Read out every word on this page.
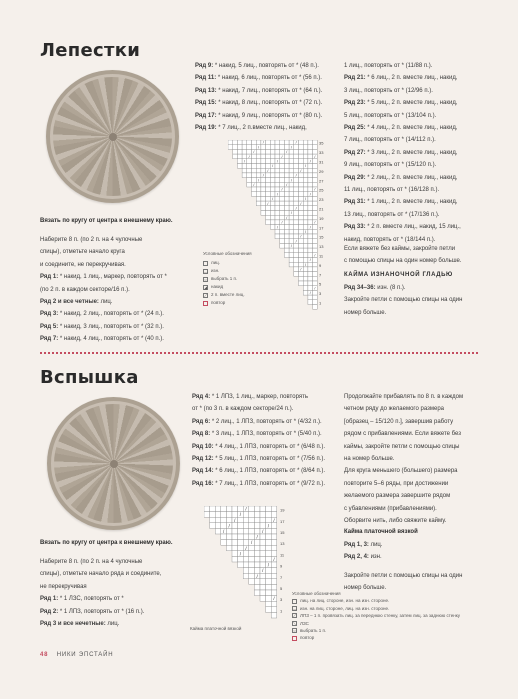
Лепестки
Вязать по кругу от центра к внешнему краю.
Наберите 8 п. (по 2 п. на 4 чулочные
спицы), отметьте начало круга
и соедините, не перекручивая.
Ряд 1: * накид, 1 лиц., маркер, повторять от *
(по 2 п. в каждом секторе/16 п.).
Ряд 2 и все четные: лиц.
Ряд 3: * накид, 2 лиц., повторять от * (24 п.).
Ряд 5: * накид, 3 лиц., повторять от * (32 п.).
Ряд 7: * накид, 4 лиц., повторять от * (40 п.).
Ряд 9: * накид, 5 лиц., повторять от * (48 п.).
Ряд 11: * накид, 6 лиц., повторять от * (56 п.).
Ряд 13: * накид, 7 лиц., повторять от * (64 п.).
Ряд 15: * накид, 8 лиц., повторять от * (72 п.).
Ряд 17: * накид, 9 лиц., повторять от * (80 п.).
Ряд 19: * 7 лиц., 2 п.вместе лиц., накид,
1 лиц., повторять от * (11/88 п.).
Ряд 21: * 6 лиц., 2 п. вместе лиц., накид,
3 лиц., повторять от * (12/96 п.).
Ряд 23: * 5 лиц., 2 п. вместе лиц., накид,
5 лиц., повторять от * (13/104 п.).
Ряд 25: * 4 лиц., 2 п. вместе лиц., накид,
7 лиц., повторять от * (14/112 п.).
Ряд 27: * 3 лиц., 2 п. вместе лиц., накид,
9 лиц., повторять от * (15/120 п.).
Ряд 29: * 2 лиц., 2 п. вместе лиц., накид,
11 лиц., повторять от * (16/128 п.).
Ряд 31: * 1 лиц., 2 п. вместе лиц., накид,
13 лиц., повторять от * (17/136 п.).
Ряд 33: * 2 п. вместе лиц., накид, 15 лиц.,
накид, повторять от * (18/144 п.).
Если вяжете без каймы, закройте петли
с помощью спицы на один номер больше.
КАЙМА ИЗНАНОЧНОЙ ГЛАДЬЮ
Ряд 34–36: изн. (8 п.).
Закройте петли с помощью спицы на один
номер больше.
/	/
/	/
/	/
/	/	/
/	/	/
/	/
/	/
/	/
/	/
/	/
/	/
/	/
/	/
/	/
/
/
/
/	/
/	/
/
/
/
/
/
/
/
/
/
/
35
33
31
29
27
25
23
21
19
17
15
13
11
9
7
5
3
1
Условные обозначения
лиц.
— изн.
○ выбрать 1 п.
◢ накид
⟋ 2 п. вместе лиц.
повтор
Вспышка
Вязать по кругу от центра к внешнему краю.
Наберите 8 п. (по 2 п. на 4 чулочные
спицы), отметьте начало ряда и соедините,
не перекручивая
Ряд 1: * 1 ЛЗС, повторять от *
Ряд 2: * 1 ЛПЗ, повторять от * (16 п.).
Ряд 3 и все нечетные: лиц.
Ряд 4: * 1 ЛПЗ, 1 лиц., маркер, повторять
от * (по 3 п. в каждом секторе/24 п.).
Ряд 6: * 2 лиц., 1 ЛПЗ, повторять от * (4/32 п.).
Ряд 8: * 3 лиц., 1 ЛПЗ, повторять от * (5/40 п.).
Ряд 10: * 4 лиц., 1 ЛПЗ, повторять от * (6/48 п.).
Ряд 12: * 5 лиц., 1 ЛПЗ, повторять от * (7/56 п.).
Ряд 14: * 6 лиц., 1 ЛПЗ, повторять от * (8/64 п.).
Ряд 16: * 7 лиц., 1 ЛПЗ, повторять от * (9/72 п.).
Продолжайте прибавлять по 8 п. в каждом
четном ряду до желаемого размера
[образец – 15/120 п.], завершив работу
рядом с прибавлениями. Если вяжете без
каймы, закройте петли с помощью спицы
на номер больше.
Для круга меньшего (большего) размера
повторите 5–6 ряды, при достижении
желаемого размера завершите рядом
с убавлениями (прибавлениями).
Оборвите нить, либо свяжите кайму.
Кайма платочной вязкой
Ряд 1, 3: лиц.
Ряд 2, 4: изн.
Закройте петли с помощью спицы на один
номер больше.
/
/
/	/
/	/
/	/
/
/
/
/
/
/
/
/
/
19
17
15
13
11
9
7
5
3
1
Кайма платочной вязкой
Условные обозначения
лиц. на лиц. стороне, изн. на изн. стороне.
— изн. на лиц. стороне, лиц. на изн. стороне.
⟋ ЛПЗ – 1 п. провязать лиц. за переднюю стенку, затем лиц. за заднюю стенку
⟍ ЛЗС
○ выбрать 1 п.
повтор
48 НИКИ ЭПСТАЙН
